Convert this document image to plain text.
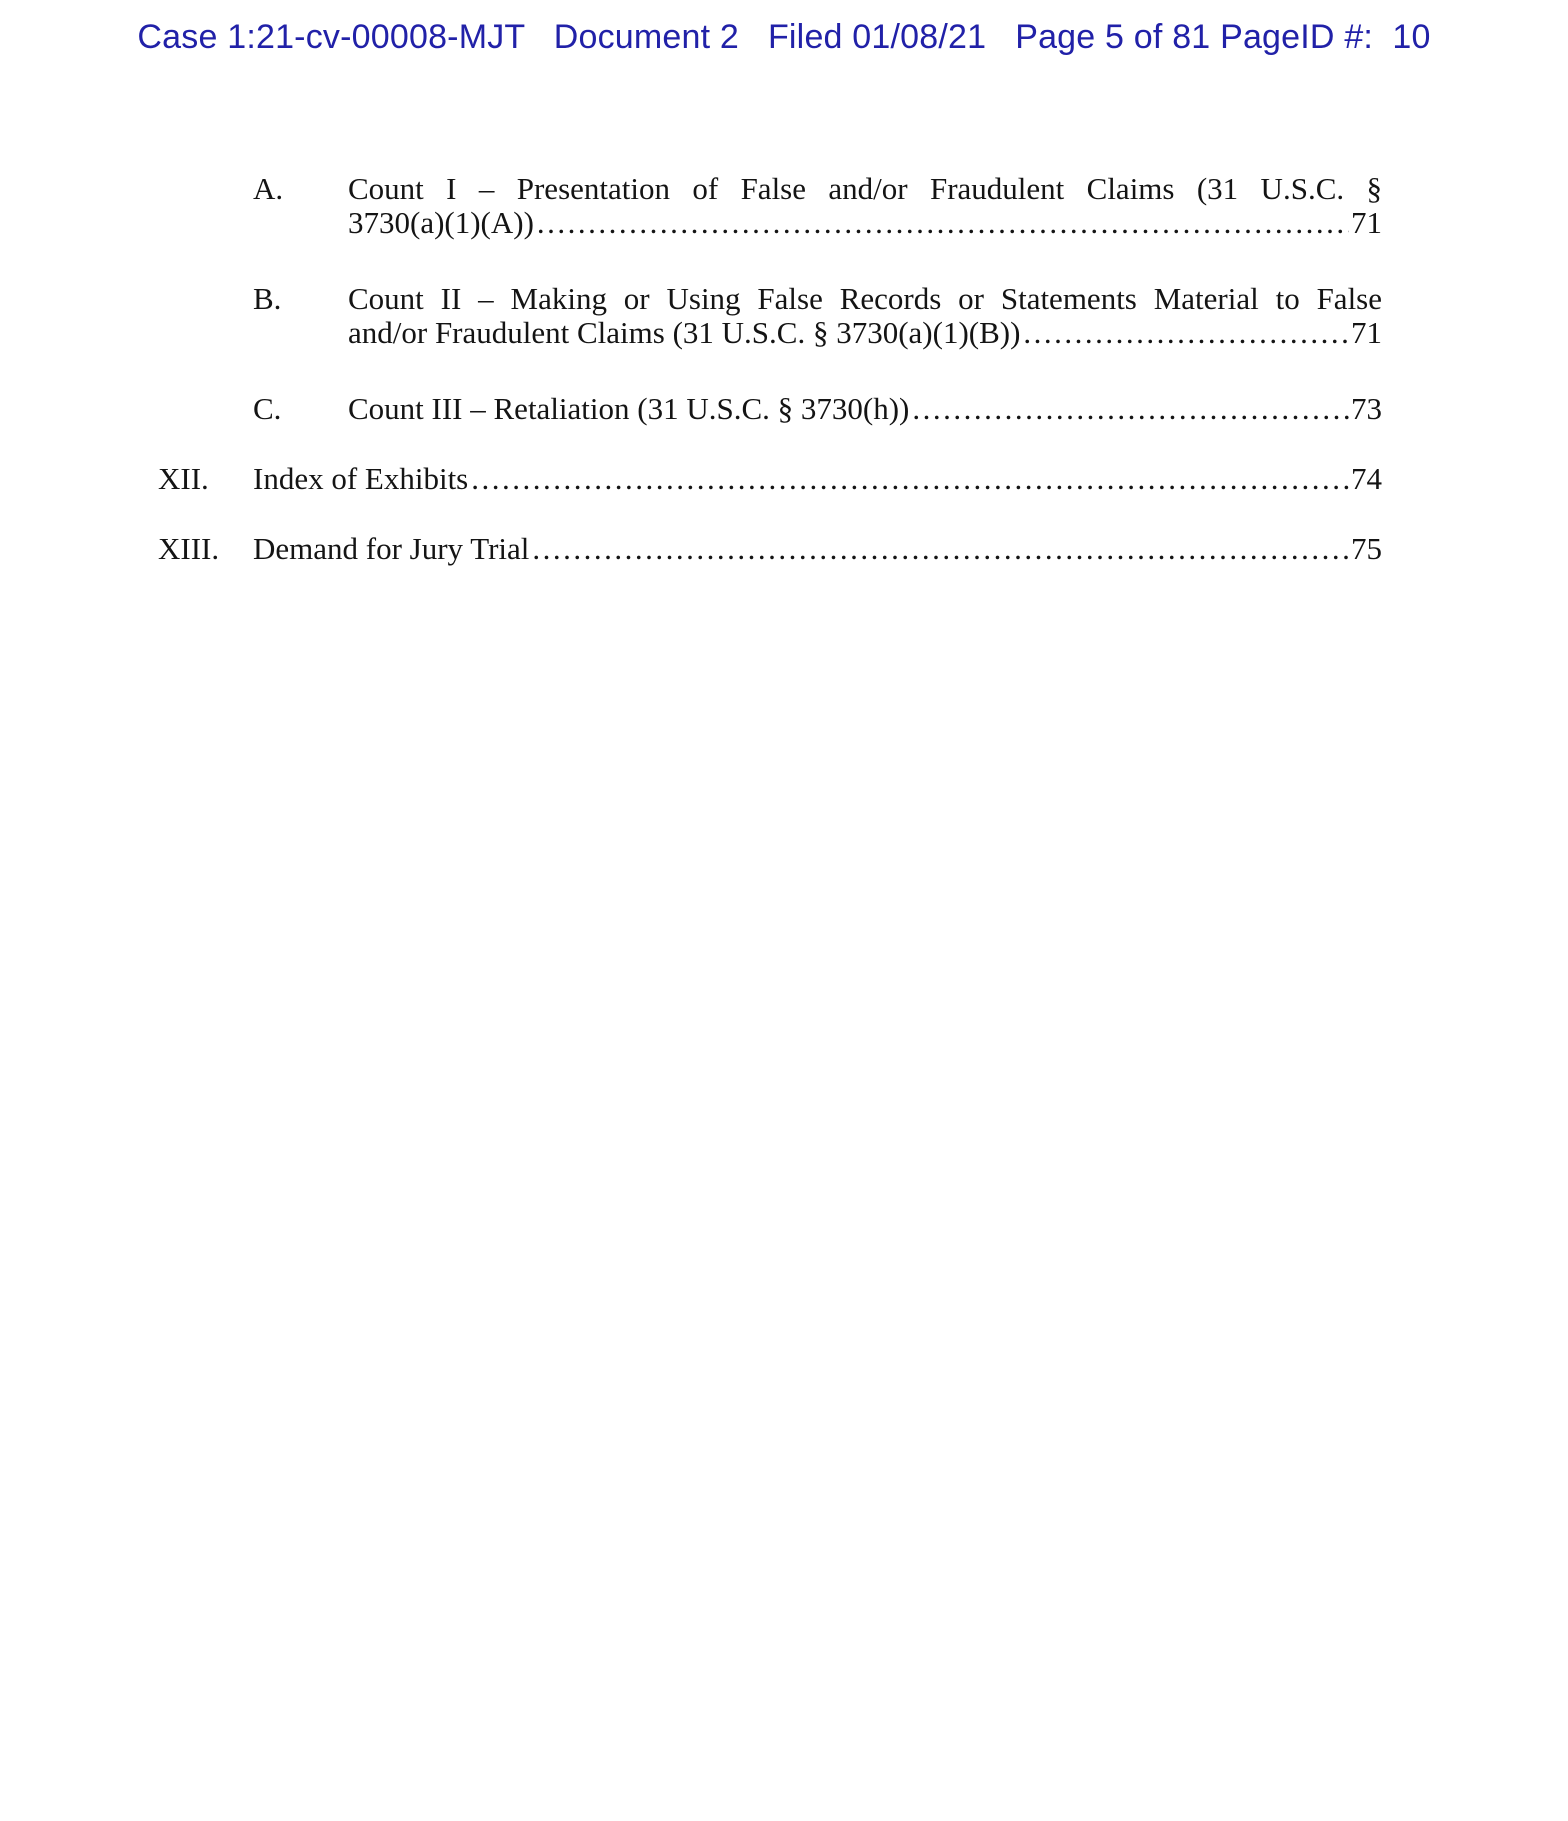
Case 1:21-cv-00008-MJT   Document 2   Filed 01/08/21   Page 5 of 81 PageID #:  10
A.	Count I – Presentation of False and/or Fraudulent Claims (31 U.S.C. §
3730(a)(1)(A)) .....	71
B.	Count II – Making or Using False Records or Statements Material to False
and/or Fraudulent Claims (31 U.S.C. § 3730(a)(1)(B)) .....	71
C.	Count III – Retaliation (31 U.S.C. § 3730(h)) .....	73
XII.	Index of Exhibits .....	74
XIII.	Demand for Jury Trial .....	75
